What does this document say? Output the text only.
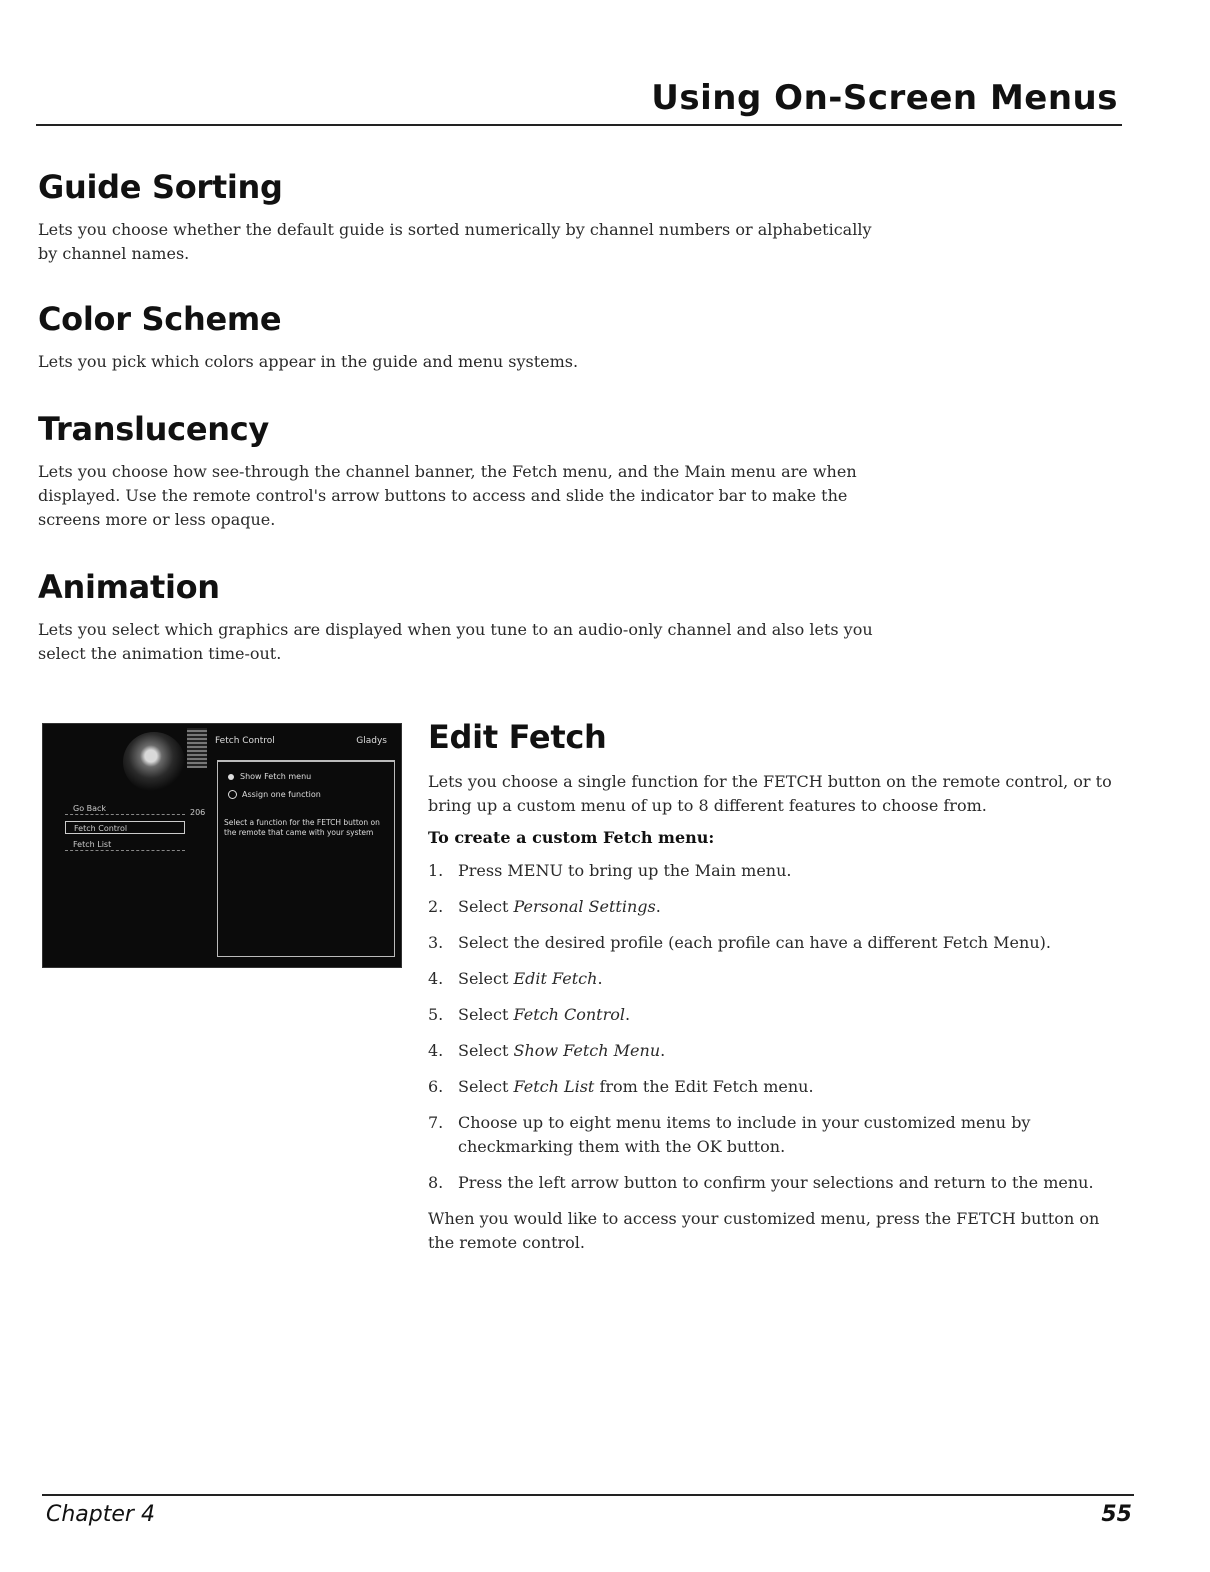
Using On-Screen Menus
Guide Sorting

Lets you choose whether the default guide is sorted numerically by channel numbers or alphabetically by channel names.

Color Scheme

Lets you pick which colors appear in the guide and menu systems.

Translucency

Lets you choose how see-through the channel banner, the Fetch menu, and the Main menu are when displayed. Use the remote control's arrow buttons to access and slide the indicator bar to make the screens more or less opaque.

Animation

Lets you select which graphics are displayed when you tune to an audio-only channel and also lets you select the animation time-out.

Fetch Control	Gladys
206
Show Fetch menu
Assign one function
Select a function for the FETCH button on the remote that came with your system
Go Back
Fetch Control
Fetch List
Edit Fetch

Lets you choose a single function for the FETCH button on the remote control, or to bring up a custom menu of up to 8 different features to choose from.

To create a custom Fetch menu:
1. Press MENU to bring up the Main menu.
2. Select Personal Settings.
3. Select the desired profile (each profile can have a different Fetch Menu).
4. Select Edit Fetch.
5. Select Fetch Control.
4. Select Show Fetch Menu.
6. Select Fetch List from the Edit Fetch menu.
7. Choose up to eight menu items to include in your customized menu by checkmarking them with the OK button.
8. Press the left arrow button to confirm your selections and return to the menu.

When you would like to access your customized menu, press the FETCH button on the remote control.

Chapter 4	55
